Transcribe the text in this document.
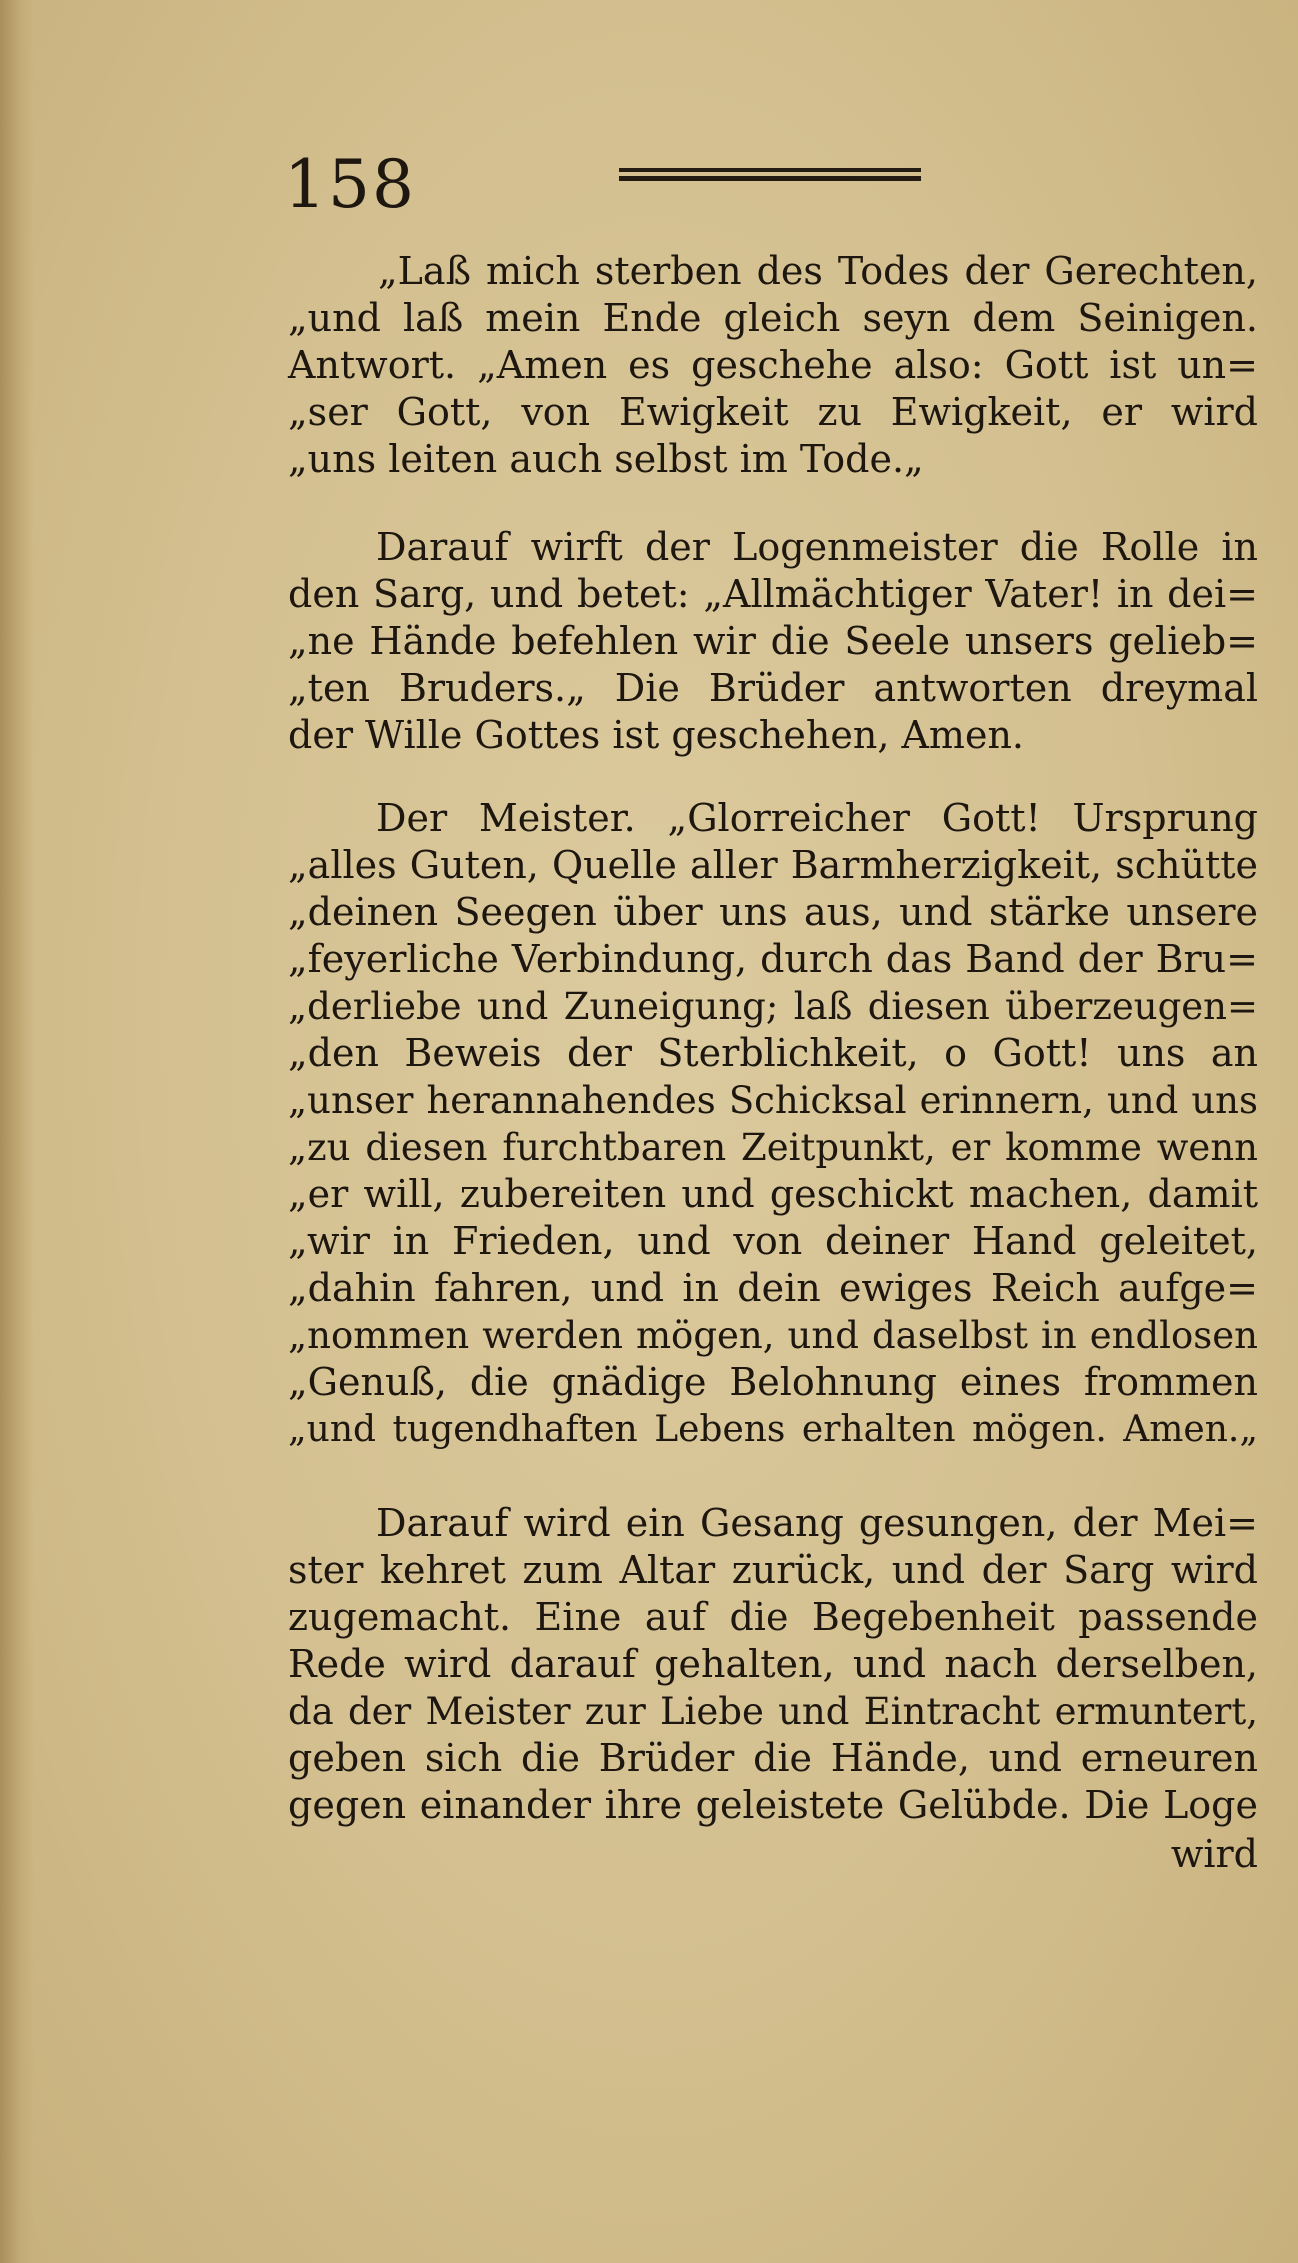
158
„Laß mich sterben des Todes der Gerechten,
„und laß mein Ende gleich seyn dem Seinigen.
Antwort. „Amen es geschehe also: Gott ist un=
„ser Gott, von Ewigkeit zu Ewigkeit, er wird
„uns leiten auch selbst im Tode.„
Darauf wirft der Logenmeister die Rolle in
den Sarg, und betet: „Allmächtiger Vater! in dei=
„ne Hände befehlen wir die Seele unsers gelieb=
„ten Bruders.„ Die Brüder antworten dreymal
der Wille Gottes ist geschehen, Amen.
Der Meister. „Glorreicher Gott! Ursprung
„alles Guten, Quelle aller Barmherzigkeit, schütte
„deinen Seegen über uns aus, und stärke unsere
„feyerliche Verbindung, durch das Band der Bru=
„derliebe und Zuneigung; laß diesen überzeugen=
„den Beweis der Sterblichkeit, o Gott! uns an
„unser herannahendes Schicksal erinnern, und uns
„zu diesen furchtbaren Zeitpunkt, er komme wenn
„er will, zubereiten und geschickt machen, damit
„wir in Frieden, und von deiner Hand geleitet,
„dahin fahren, und in dein ewiges Reich aufge=
„nommen werden mögen, und daselbst in endlosen
„Genuß, die gnädige Belohnung eines frommen
„und tugendhaften Lebens erhalten mögen. Amen.„
Darauf wird ein Gesang gesungen, der Mei=
ster kehret zum Altar zurück, und der Sarg wird
zugemacht. Eine auf die Begebenheit passende
Rede wird darauf gehalten, und nach derselben,
da der Meister zur Liebe und Eintracht ermuntert,
geben sich die Brüder die Hände, und erneuren
gegen einander ihre geleistete Gelübde. Die Loge
wird
